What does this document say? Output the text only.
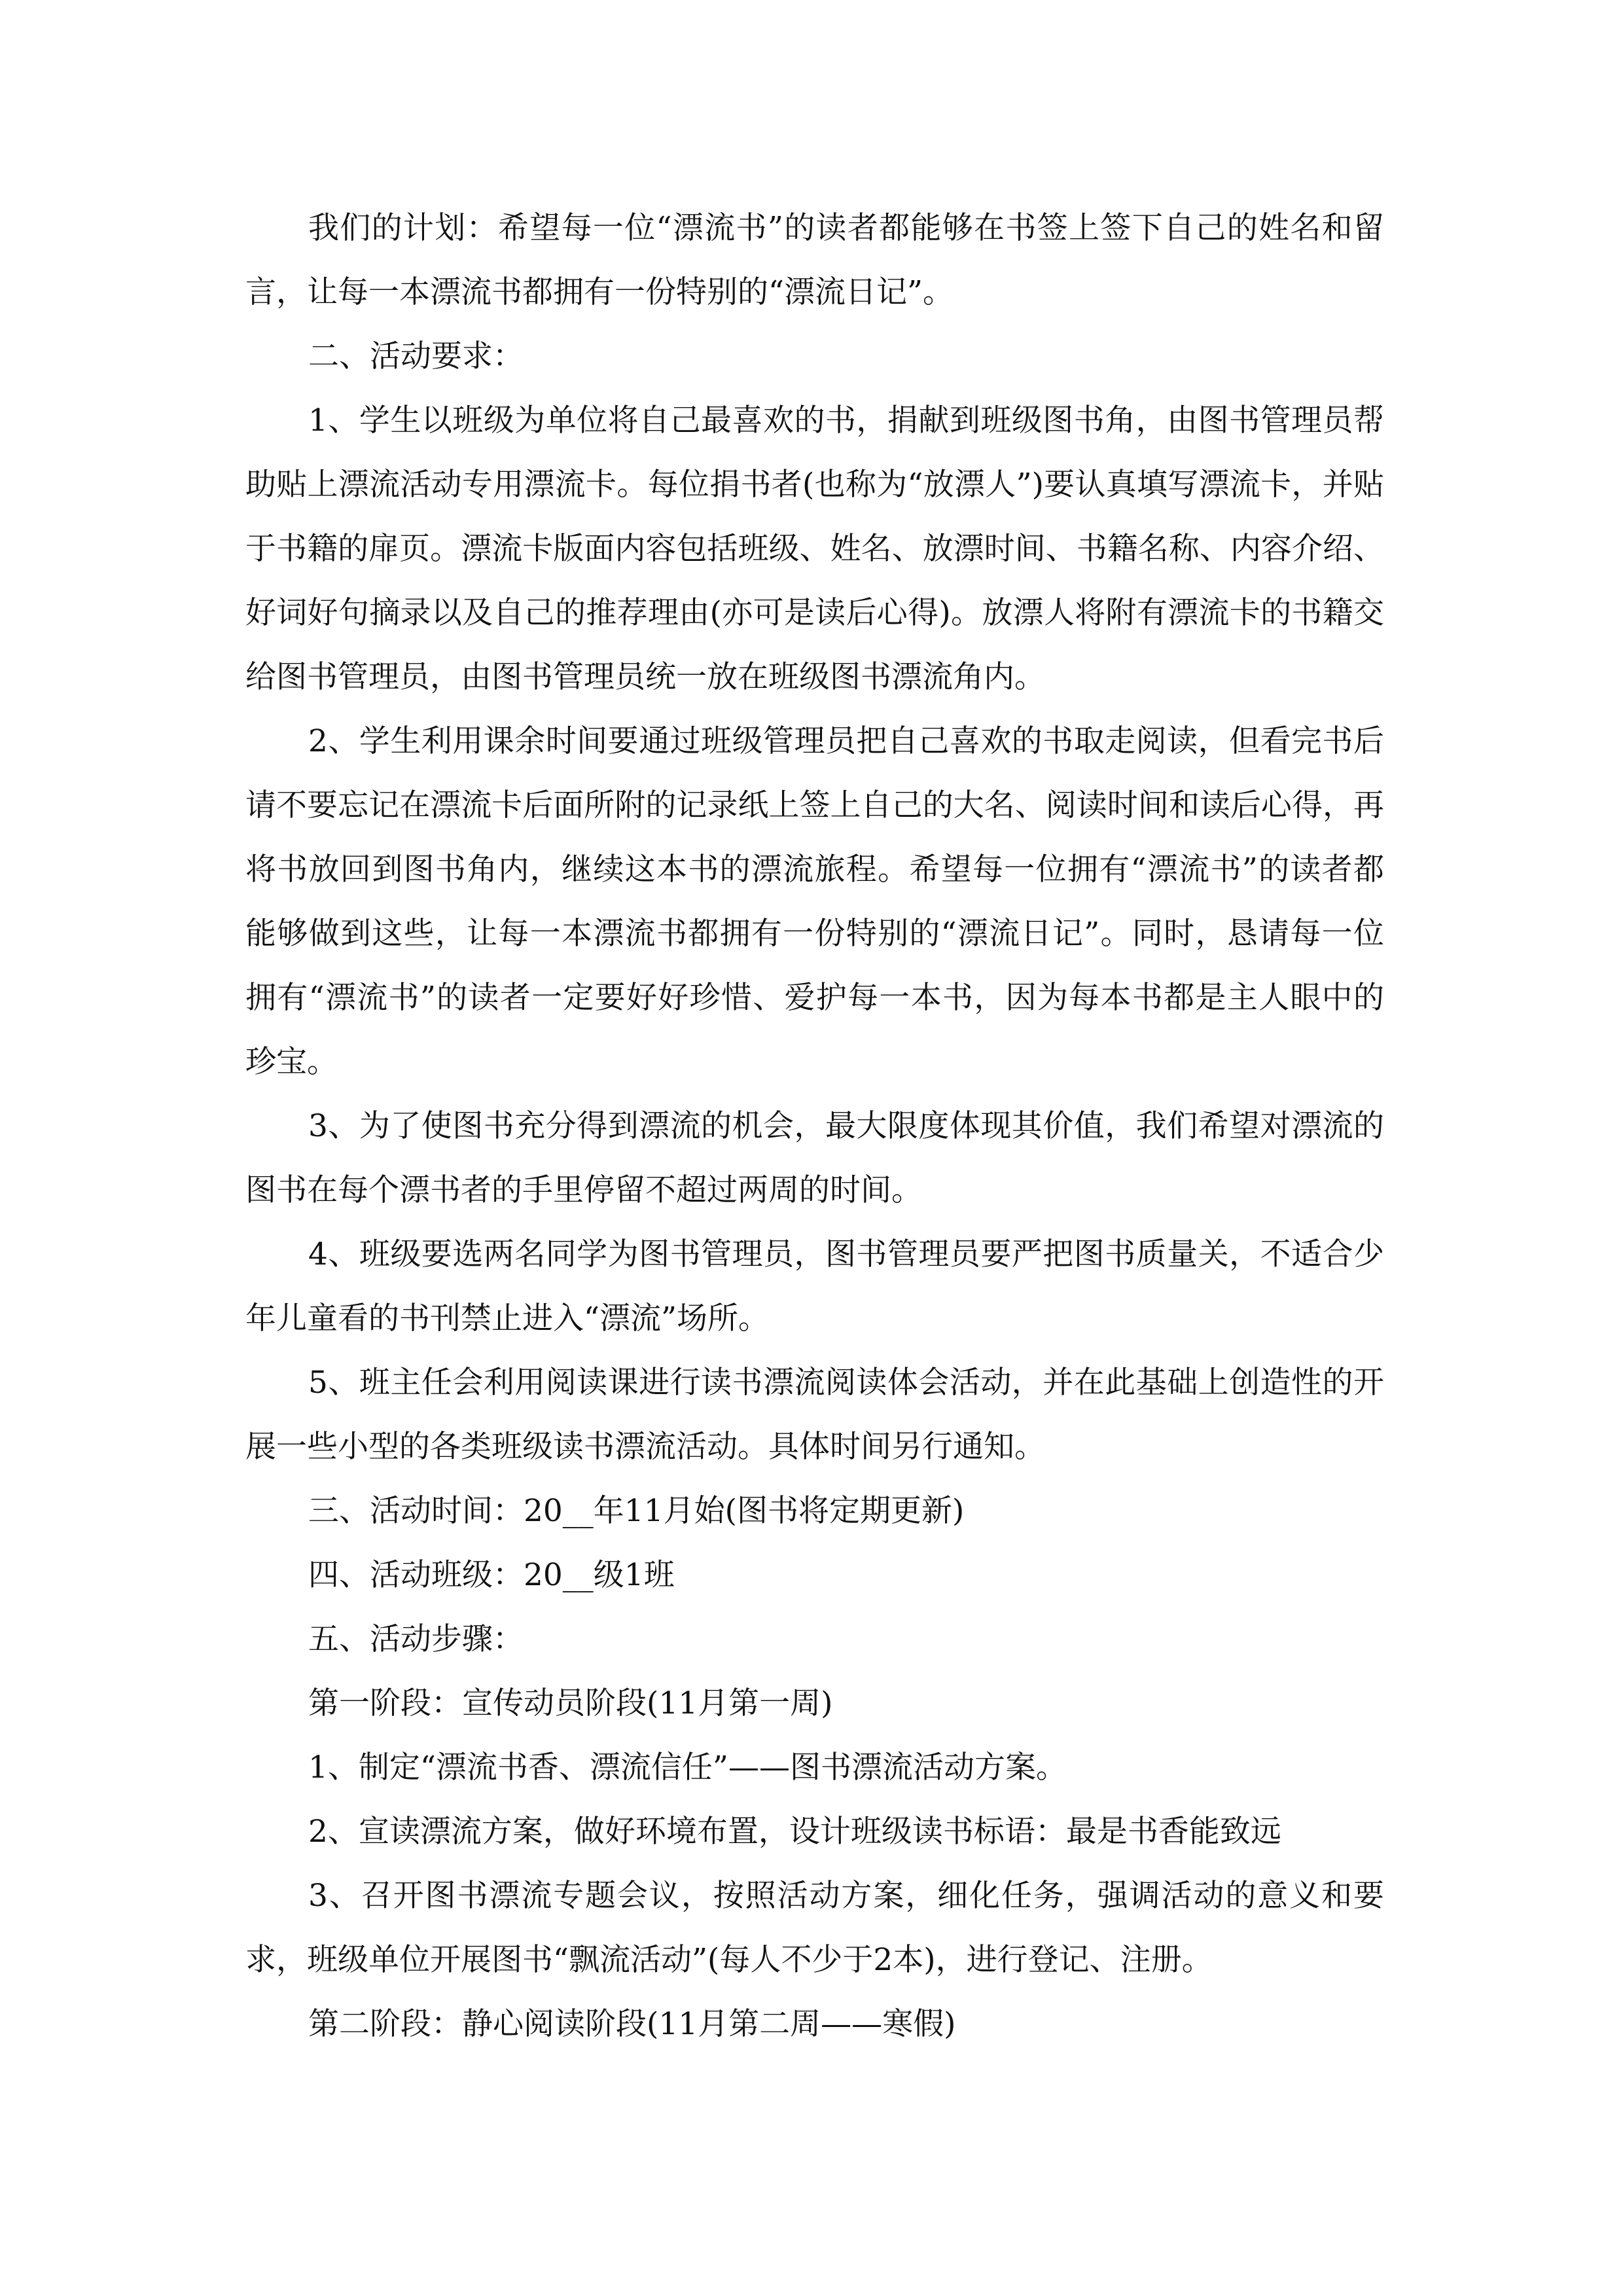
我们的计划：希望每一位“漂流书”的读者都能够在书签上签下自己的姓名和留言，让每一本漂流书都拥有一份特别的“漂流日记”。

二、活动要求：

1、学生以班级为单位将自己最喜欢的书，捐献到班级图书角，由图书管理员帮助贴上漂流活动专用漂流卡。每位捐书者(也称为“放漂人”)要认真填写漂流卡，并贴于书籍的扉页。漂流卡版面内容包括班级、姓名、放漂时间、书籍名称、内容介绍、好词好句摘录以及自己的推荐理由(亦可是读后心得)。放漂人将附有漂流卡的书籍交给图书管理员，由图书管理员统一放在班级图书漂流角内。

2、学生利用课余时间要通过班级管理员把自己喜欢的书取走阅读，但看完书后请不要忘记在漂流卡后面所附的记录纸上签上自己的大名、阅读时间和读后心得，再将书放回到图书角内，继续这本书的漂流旅程。希望每一位拥有“漂流书”的读者都能够做到这些，让每一本漂流书都拥有一份特别的“漂流日记”。同时，恳请每一位拥有“漂流书”的读者一定要好好珍惜、爱护每一本书，因为每本书都是主人眼中的珍宝。

3、为了使图书充分得到漂流的机会，最大限度体现其价值，我们希望对漂流的图书在每个漂书者的手里停留不超过两周的时间。

4、班级要选两名同学为图书管理员，图书管理员要严把图书质量关，不适合少年儿童看的书刊禁止进入“漂流”场所。

5、班主任会利用阅读课进行读书漂流阅读体会活动，并在此基础上创造性的开展一些小型的各类班级读书漂流活动。具体时间另行通知。

三、活动时间：20__年11月始(图书将定期更新)

四、活动班级：20__级1班

五、活动步骤：

第一阶段：宣传动员阶段(11月第一周)

1、制定“漂流书香、漂流信任”——图书漂流活动方案。

2、宣读漂流方案，做好环境布置，设计班级读书标语：最是书香能致远

3、召开图书漂流专题会议，按照活动方案，细化任务，强调活动的意义和要求，班级单位开展图书“飘流活动”(每人不少于2本)，进行登记、注册。

第二阶段：静心阅读阶段(11月第二周——寒假)
